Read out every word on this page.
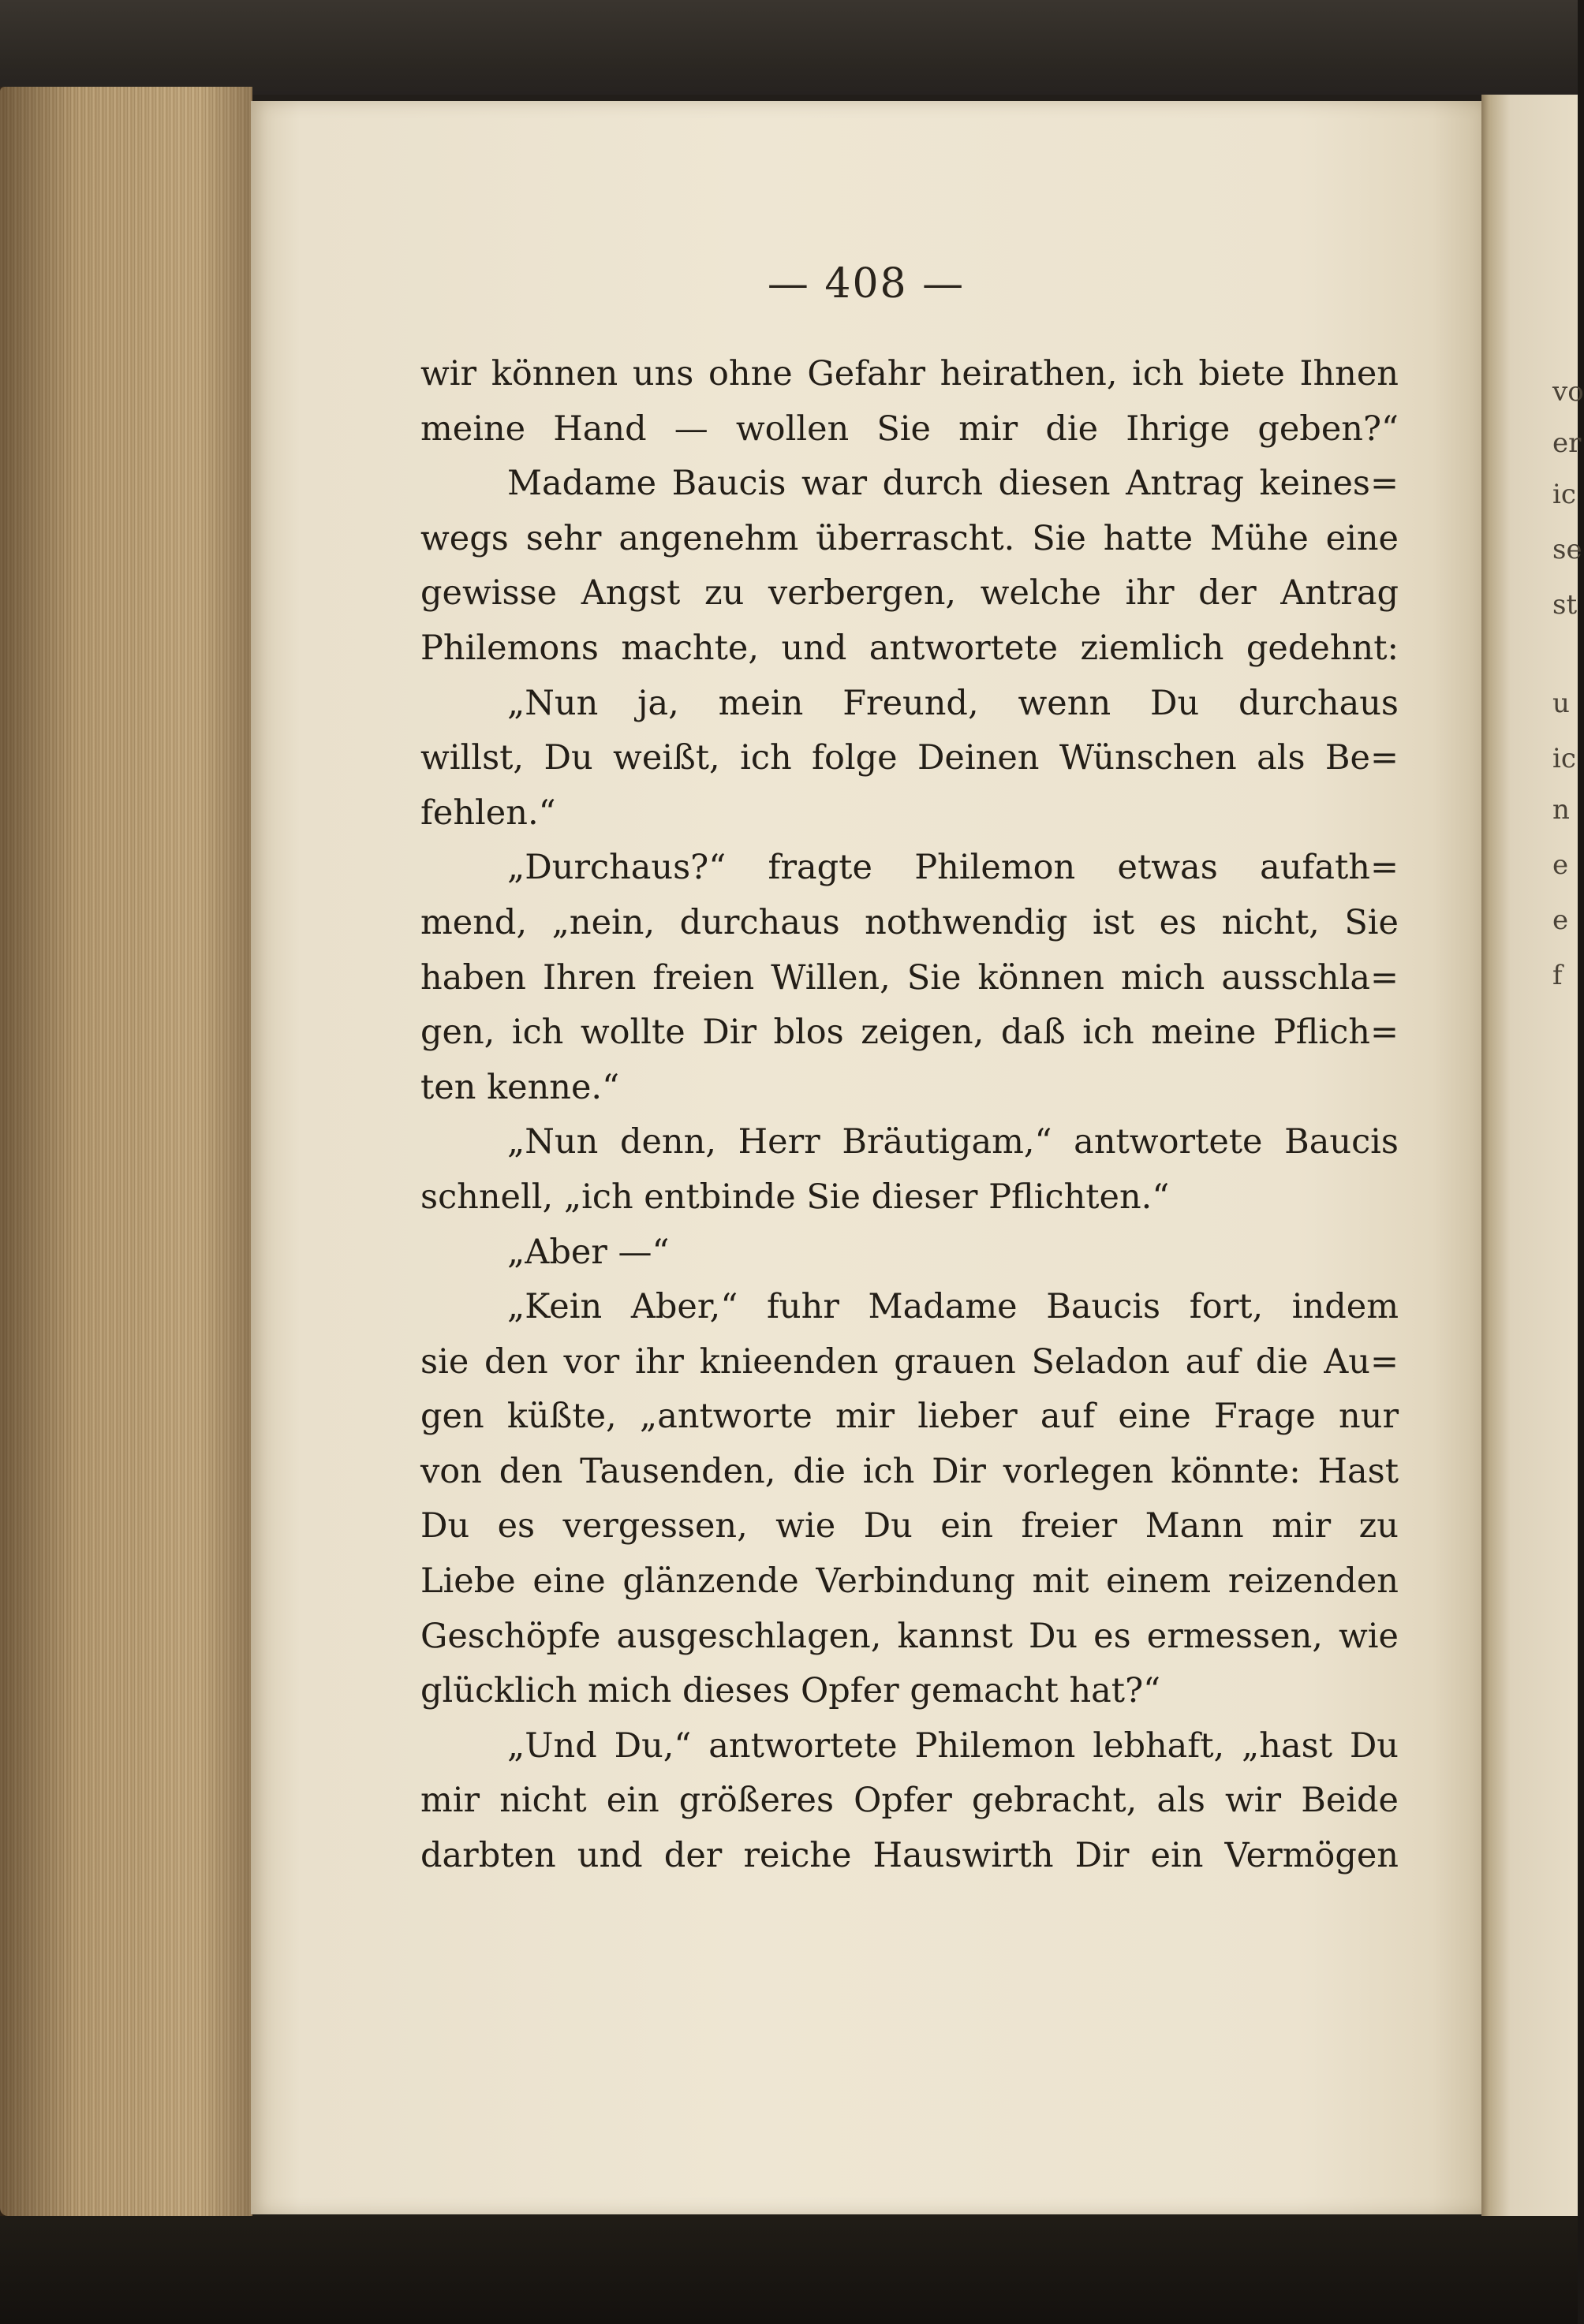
vo
er
ic
se
st
u
ic
n
e
e
f
— 408 —
wir können uns ohne Gefahr heirathen, ich biete Ihnen
meine Hand — wollen Sie mir die Ihrige geben?“
Madame Baucis war durch diesen Antrag keines=
wegs sehr angenehm überrascht. Sie hatte Mühe eine
gewisse Angst zu verbergen, welche ihr der Antrag
Philemons machte, und antwortete ziemlich gedehnt:
„Nun ja, mein Freund, wenn Du durchaus
willst, Du weißt, ich folge Deinen Wünschen als Be=
fehlen.“
„Durchaus?“ fragte Philemon etwas aufath=
mend, „nein, durchaus nothwendig ist es nicht, Sie
haben Ihren freien Willen, Sie können mich ausschla=
gen, ich wollte Dir blos zeigen, daß ich meine Pflich=
ten kenne.“
„Nun denn, Herr Bräutigam,“ antwortete Baucis
schnell, „ich entbinde Sie dieser Pflichten.“
„Aber —“
„Kein Aber,“ fuhr Madame Baucis fort, indem
sie den vor ihr knieenden grauen Seladon auf die Au=
gen küßte, „antworte mir lieber auf eine Frage nur
von den Tausenden, die ich Dir vorlegen könnte: Hast
Du es vergessen, wie Du ein freier Mann mir zu
Liebe eine glänzende Verbindung mit einem reizenden
Geschöpfe ausgeschlagen, kannst Du es ermessen, wie
glücklich mich dieses Opfer gemacht hat?“
„Und Du,“ antwortete Philemon lebhaft, „hast Du
mir nicht ein größeres Opfer gebracht, als wir Beide
darbten und der reiche Hauswirth Dir ein Vermögen
